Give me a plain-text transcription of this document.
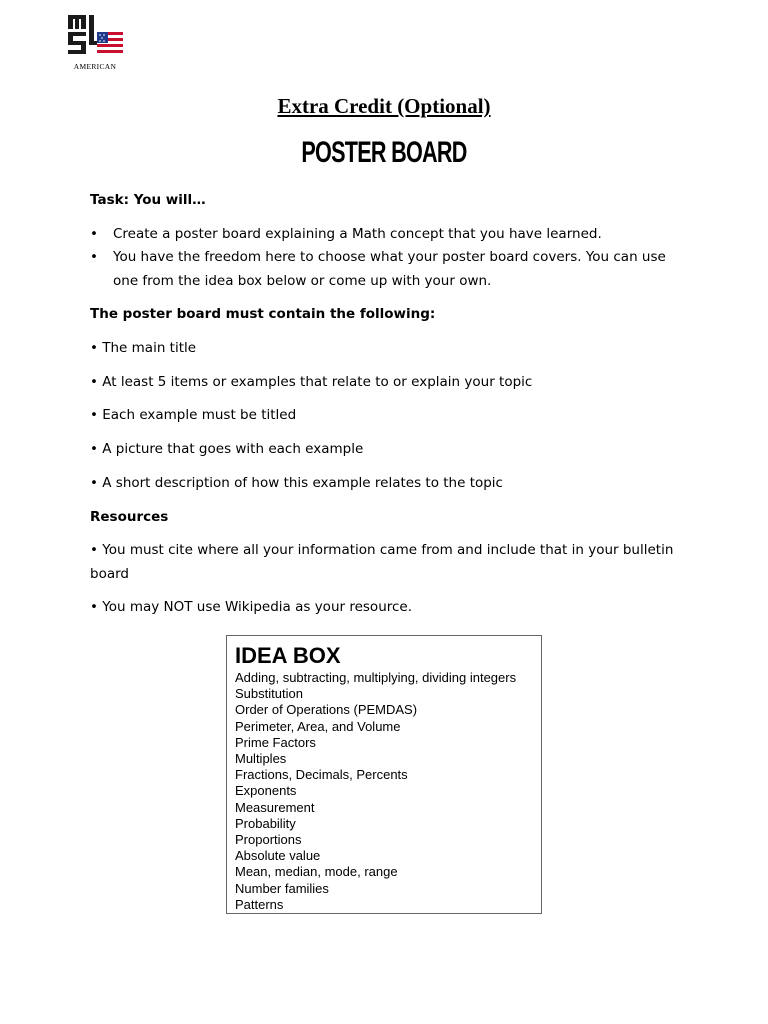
AMERICAN
Extra Credit (Optional)
POSTER BOARD
Task: You will…
• Create a poster board explaining a Math concept that you have learned.
• You have the freedom here to choose what your poster board covers. You can use one from the idea box below or come up with your own.
The poster board must contain the following:
• The main title
• At least 5 items or examples that relate to or explain your topic
• Each example must be titled
• A picture that goes with each example
• A short description of how this example relates to the topic
Resources
• You must cite where all your information came from and include that in your bulletin board
• You may NOT use Wikipedia as your resource.
IDEA BOX
Adding, subtracting, multiplying, dividing integers
Substitution
Order of Operations (PEMDAS)
Perimeter, Area, and Volume
Prime Factors
Multiples
Fractions, Decimals, Percents
Exponents
Measurement
Probability
Proportions
Absolute value
Mean, median, mode, range
Number families
Patterns
